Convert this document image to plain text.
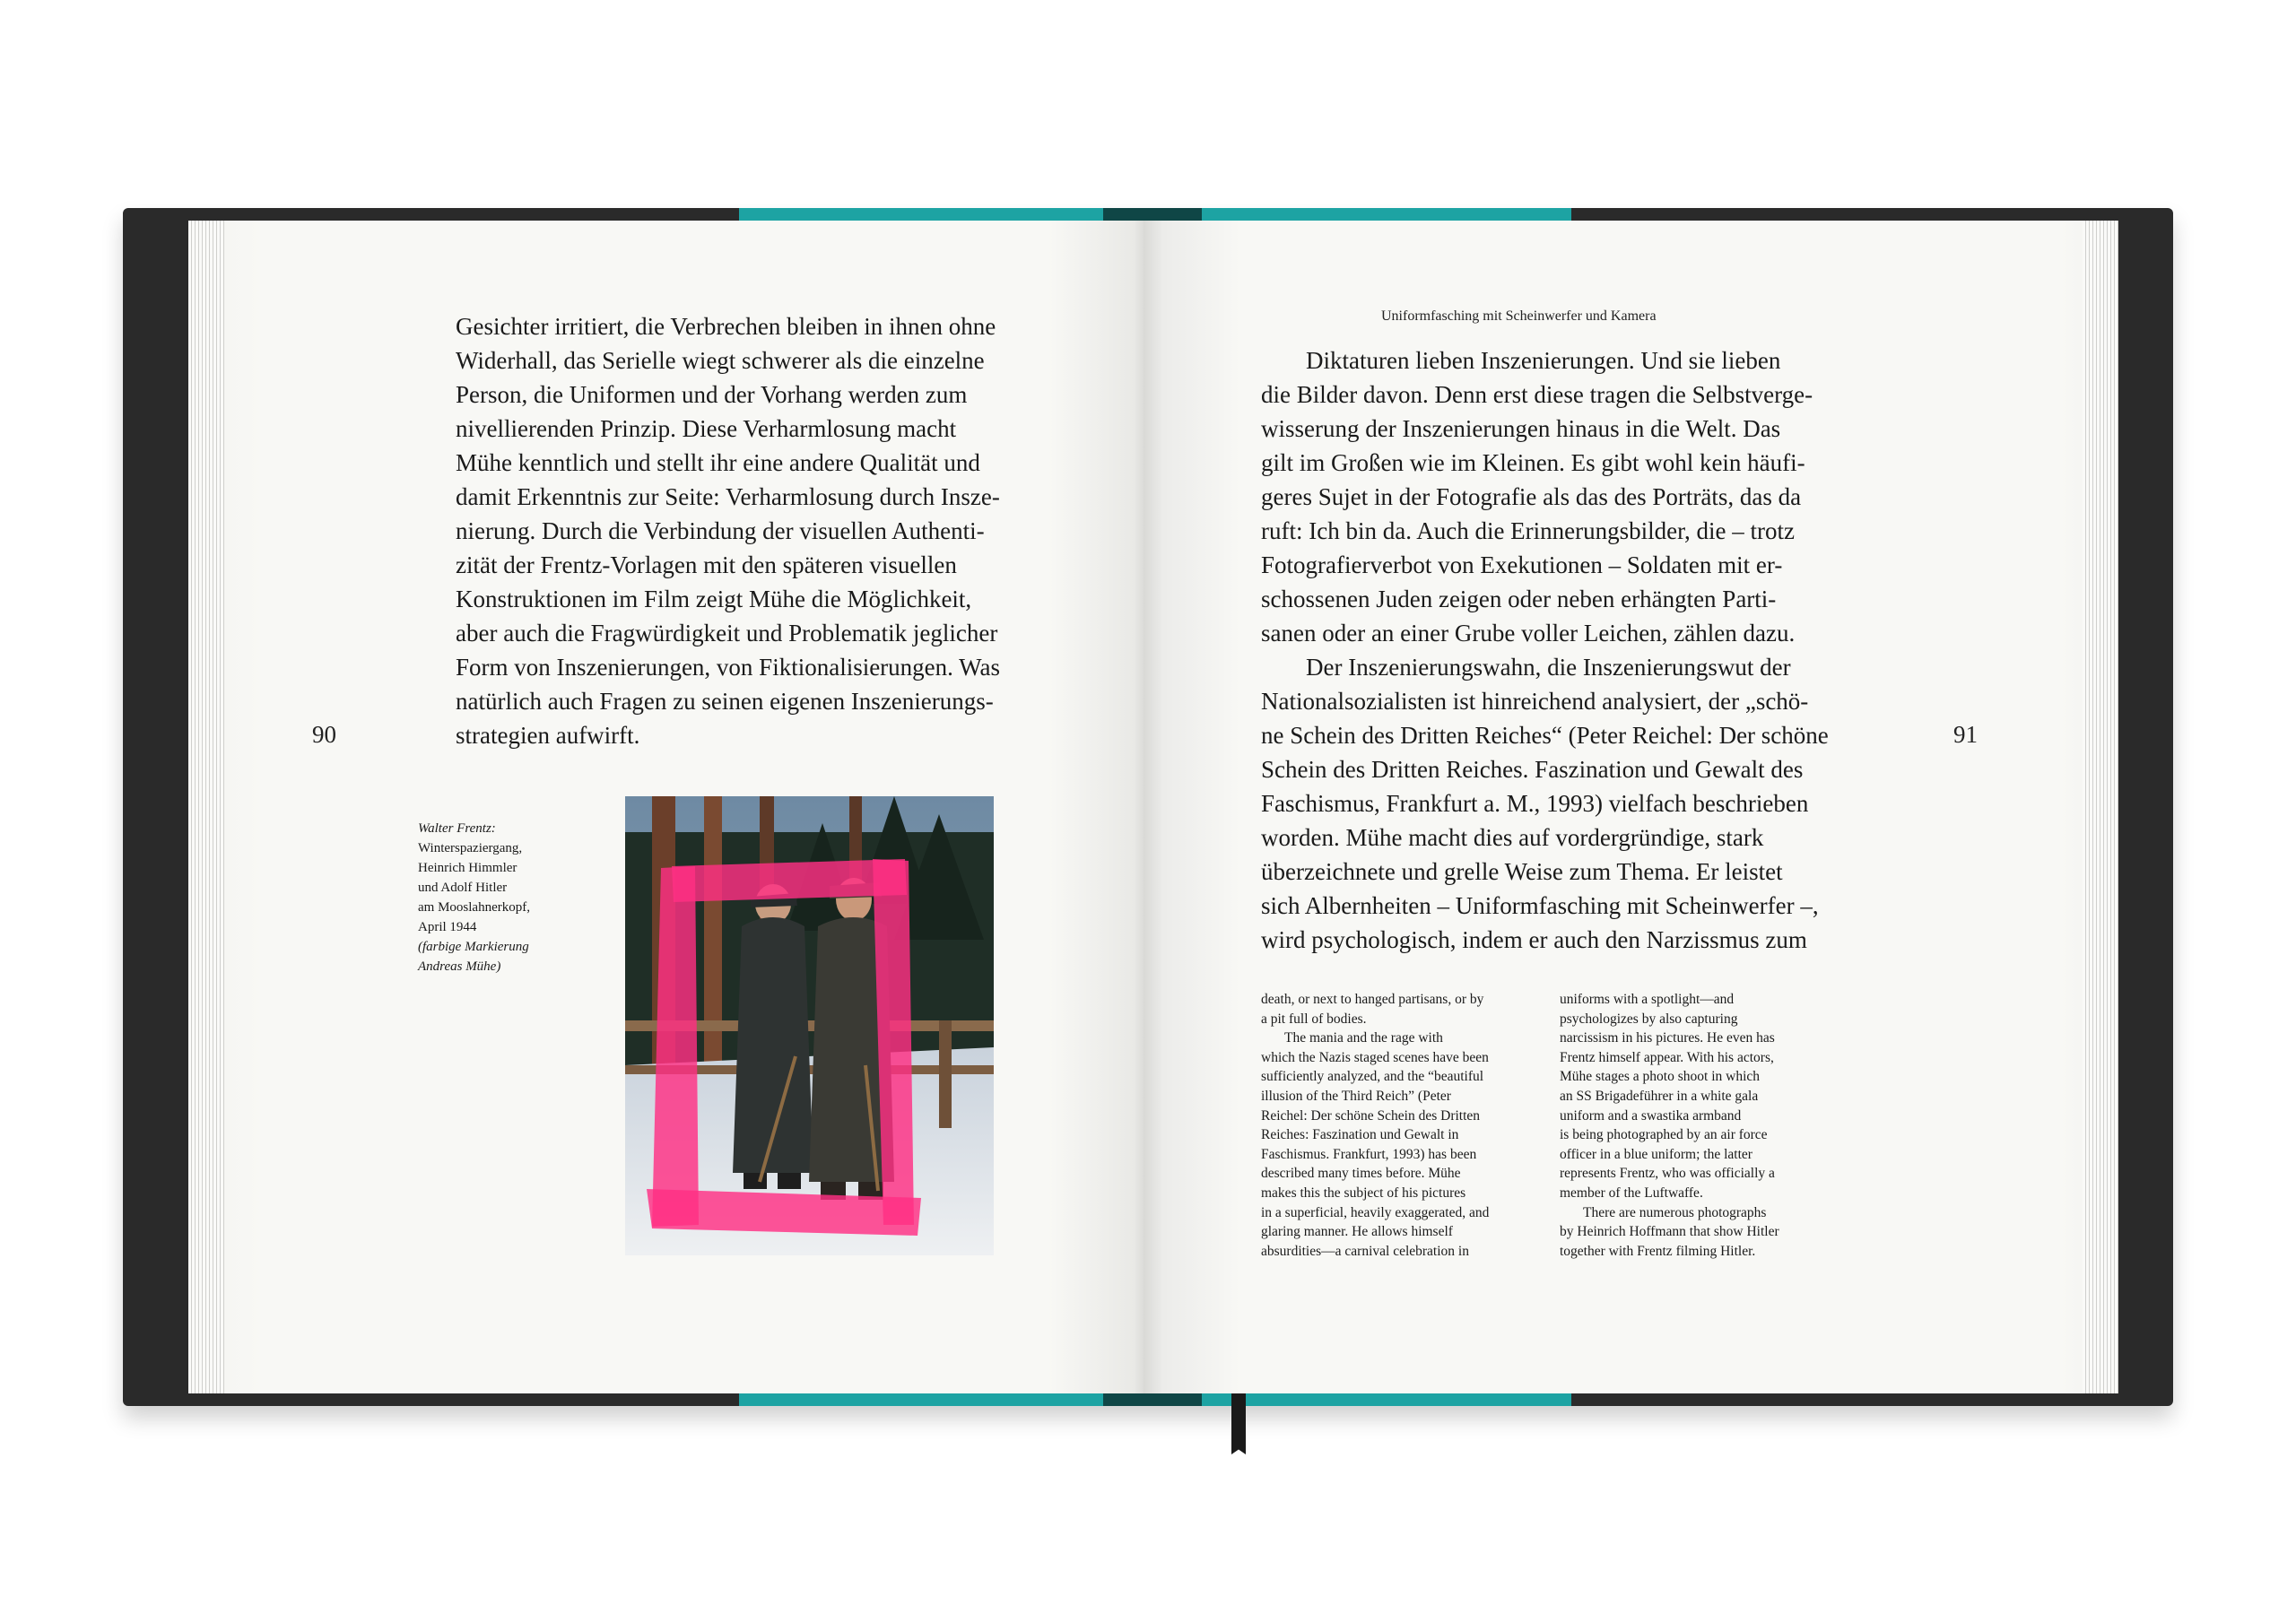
Gesichter irritiert, die Verbrechen bleiben in ihnen ohne

Widerhall, das Serielle wiegt schwerer als die einzelne

Person, die Uniformen und der Vorhang werden zum

nivellierenden Prinzip. Diese Verharmlosung macht

Mühe kenntlich und stellt ihr eine andere Qualität und

damit Erkenntnis zur Seite: Verharmlosung durch Insze-

nierung. Durch die Verbindung der visuellen Authenti-

zität der Frentz-Vorlagen mit den späteren visuellen

Konstruktionen im Film zeigt Mühe die Möglichkeit,

aber auch die Fragwürdigkeit und Problematik jeglicher

Form von Inszenierungen, von Fiktionalisierungen. Was

natürlich auch Fragen zu seinen eigenen Inszenierungs-

strategien aufwirft.

90
Walter Frentz:
Winterspaziergang,
Heinrich Himmler
und Adolf Hitler
am Mooslahnerkopf,
April 1944
(farbige Markierung
Andreas Mühe)
Uniformfasching mit Scheinwerfer und Kamera

Diktaturen lieben Inszenierungen. Und sie lieben

die Bilder davon. Denn erst diese tragen die Selbstverge-

wisserung der Inszenierungen hinaus in die Welt. Das

gilt im Großen wie im Kleinen. Es gibt wohl kein häufi-

geres Sujet in der Fotografie als das des Porträts, das da

ruft: Ich bin da. Auch die Erinnerungsbilder, die – trotz

Fotografierverbot von Exekutionen – Soldaten mit er-

schossenen Juden zeigen oder neben erhängten Parti-

sanen oder an einer Grube voller Leichen, zählen dazu.

Der Inszenierungswahn, die Inszenierungswut der

Nationalsozialisten ist hinreichend analysiert, der „schö-

ne Schein des Dritten Reiches“ (Peter Reichel: Der schöne

Schein des Dritten Reiches. Faszination und Gewalt des

Faschismus, Frankfurt a. M., 1993) vielfach beschrieben

worden. Mühe macht dies auf vordergründige, stark

überzeichnete und grelle Weise zum Thema. Er leistet

sich Albernheiten – Uniformfasching mit Scheinwerfer –,

wird psychologisch, indem er auch den Narzissmus zum

91

death, or next to hanged partisans, or by

a pit full of bodies.

The mania and the rage with

which the Nazis staged scenes have been

sufficiently analyzed, and the “beautiful

illusion of the Third Reich” (Peter

Reichel: Der schöne Schein des Dritten

Reiches: Faszination und Gewalt in

Faschismus. Frankfurt, 1993) has been

described many times before. Mühe

makes this the subject of his pictures

in a superficial, heavily exaggerated, and

glaring manner. He allows himself

absurdities—a carnival celebration in

uniforms with a spotlight—and

psychologizes by also capturing

narcissism in his pictures. He even has

Frentz himself appear. With his actors,

Mühe stages a photo shoot in which

an SS Brigadeführer in a white gala

uniform and a swastika armband

is being photographed by an air force

officer in a blue uniform; the latter

represents Frentz, who was officially a

member of the Luftwaffe.

There are numerous photographs

by Heinrich Hoffmann that show Hitler

together with Frentz filming Hitler.
